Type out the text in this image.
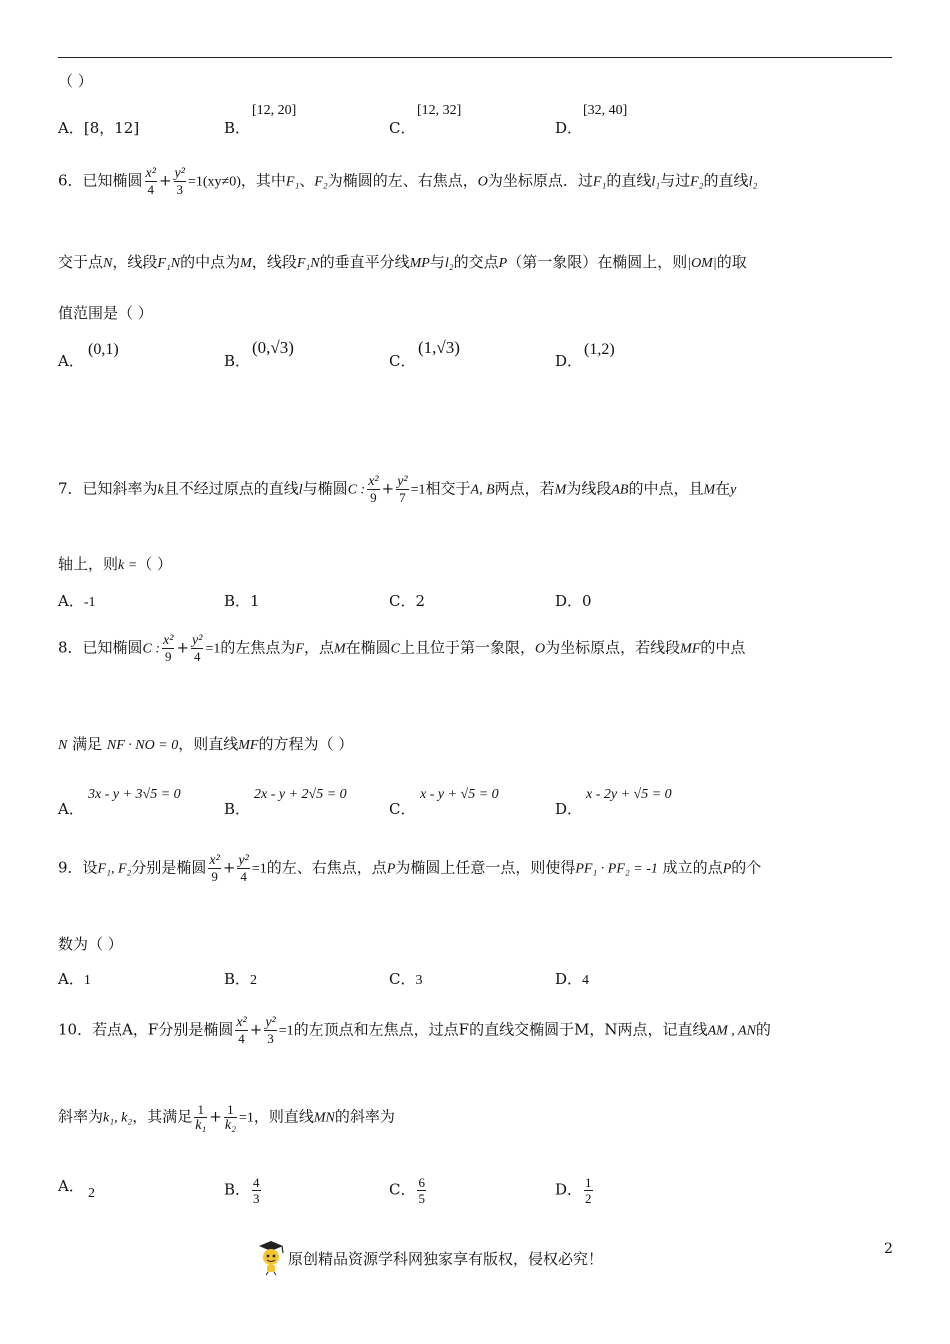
（ ）
A．[8，12]	B．
[12, 20]
C．
[12, 32]
D．
[32, 40]
6．已知椭圆 $\frac{\text{x²}}{4} + \frac{\text{y²}}{3} =1(xy\ne 0)$，其中F₁、F₂为椭圆的左、右焦点，O为坐标原点．过F₁的直线l₁与过F₂的直线l₂
交于点N，线段F₁N的中点为M，线段F₁N的垂直平分线MP与l₂的交点P（第一象限）在椭圆上，则|OM|的取
值范围是（ ）
A．
(0,1)
B．
(0,√3)
C．
(1,√3)
D．
(1,2)
7．已知斜率为k且不经过原点的直线l与椭圆C : $\frac{\text{x²}}{9} + \frac{\text{y²}}{7} =1$相交于A, B两点，若M为线段AB的中点，且M在y
轴上，则k =（ ）
A．-1	B．1	C．2	D．0
8．已知椭圆C : $\frac{\text{x²}}{9} + \frac{\text{y²}}{4} =1$的左焦点为F，点M在椭圆C上且位于第一象限，O为坐标原点，若线段MF的中点
N 满足 NF · NO = 0，则直线MF的方程为（ ）
A．
3x - y + 3√5 = 0
B．
2x - y + 2√5 = 0
C．
x - y + √5 = 0
D．
x - 2y + √5 = 0
9．设F₁, F₂分别是椭圆 $\frac{\text{x²}}{9} + \frac{\text{y²}}{4} =1$的左、右焦点，点P为椭圆上任意一点，则使得PF₁ · PF₂ = -1 成立的点P的个
数为（ ）
A．1	B．2	C．3	D．4
10．若点A，F分别是椭圆 $\frac{\text{x²}}{4} + \frac{\text{y²}}{3} =1$的左顶点和左焦点，过点F的直线交椭圆于M，N两点，记直线AM , AN的
斜率为k₁, k₂，其满足 $\frac{1}{\text{k₁}} + \frac{1}{\text{k₂}} =1$，则直线MN的斜率为
A． 2	B． $\frac{4}{3}$	C． $\frac{6}{5}$	D． $\frac{1}{2}$
原创精品资源学科网独家享有版权，侵权必究！
2
